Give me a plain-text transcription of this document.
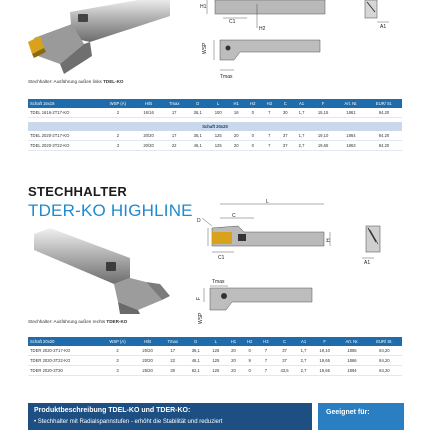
H1
C1
H2	A1
WSP
Tmax
Stechhalter: Ausführung außen links TDEL-KO
Schaft 16x16	WSP (A)	H/B	Tmax	D	L	H1	H2	H3	C	A1	F	Art. Nr.	EUR/ St.
TDEL 1616-2T17-KO	2	16/16	17	36,1	100	16	0	7	30	1,7	15,15	1861	84,20

Schaft 20x20													
TDEL 2020-2T17-KO	2	20/20	17	36,1	125	20	0	7	37	1,7	19,10	1864	84,20
TDEL 2020-3T22-KO	3	20/20	22	46,1	125	20	0	7	37	2,7	19,65	1863	84,20
STECHHALTER
TDER-KO HIGHLINE	L
C
D
H
C1
A1
Tmax
F
WSP
Stechhalter: Ausführung außen rechts TDER-KO
Schaft 20x20	WSP (A)	H/B	Tmax	D	L	H1	H2	H3	C	A1	F	Art. Nr.	EUR/ St.
TDER 2020-2T17-KO	2	20/20	17	36,1	125	20	0	7	37	1,7	19,10	1865	84,20
TDER 2020-3T22-KO	3	20/20	22	46,1	125	20	9	7	37	2,7	19,65	1866	84,20
TDER 2020-3T30	3	25/20	30	62,1	125	20	0	7	43,5	2,7	19,65	1894	84,20
Produktbeschreibung TDEL-KO und TDER-KO:
• Stechhalter mit Radialspannstufen - erhöht die Stabilität und reduziert
Geeignet für:
